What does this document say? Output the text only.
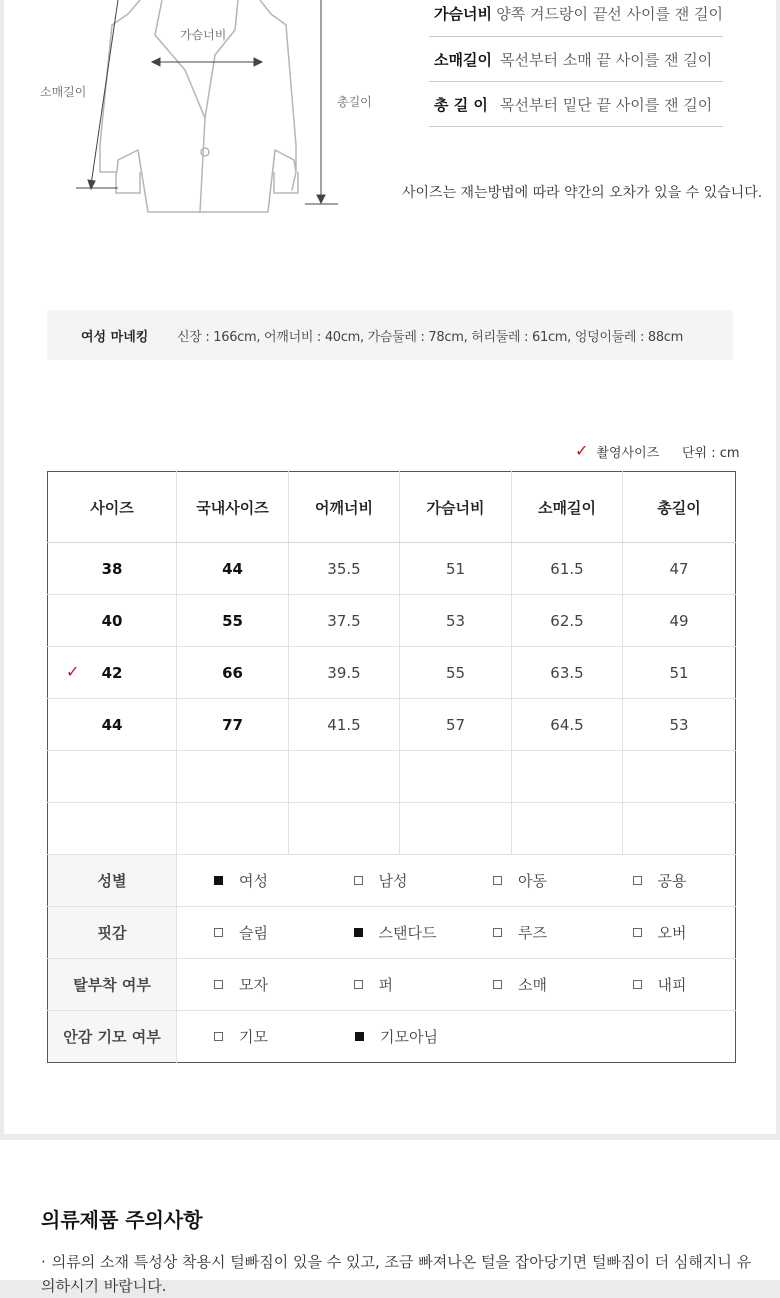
가슴너비
소매길이
총길이
가슴너비 양쪽 겨드랑이 끝선 사이를 잰 길이
소매길이 목선부터 소매 끝 사이를 잰 길이
총 길 이 목선부터 밑단 끝 사이를 잰 길이
사이즈는 재는방법에 따라 약간의 오차가 있을 수 있습니다.
여성 마네킹	신장 : 166cm, 어깨너비 : 40cm, 가슴둘레 : 78cm, 허리둘레 : 61cm, 엉덩이둘레 : 88cm
✓ 촬영사이즈 단위 : cm
사이즈	국내사이즈	어깨너비	가슴너비	소매길이	총길이
38	44	35.5	51	61.5	47
40	55	37.5	53	62.5	49

✓ 42	66	39.5	55	63.5	51
44	77	41.5	57	64.5	53

성별	여성 남성 아동 공용				

핏감	슬림 스탠다드 루즈 오버				

탈부착 여부	모자 퍼 소매 내피				

안감 기모 여부	기모 기모아님				
의류제품 주의사항
· 의류의 소재 특성상 착용시 털빠짐이 있을 수 있고, 조금 빠져나온 털을 잡아당기면 털빠짐이 더 심해지니 유의하시기 바랍니다.
